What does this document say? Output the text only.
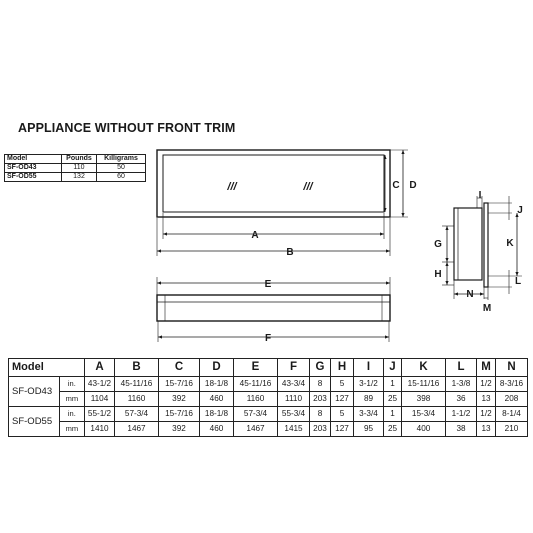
APPLIANCE WITHOUT FRONT TRIM
Model	Pounds	Killigrams
SF-OD43	110	50
SF-OD55	132	60
///	///
A
B
C D
E
F
G
H
I
J
K
L
M
N
Model		A	B	C	D	E	F	G	H	I	J	K	L	M	N
SF-OD43	in.	43-1/2	45-11/16	15-7/16	18-1/8	45-11/16	43-3/4	8	5	3-1/2	1	15-11/16	1-3/8	1/2	8-3/16
	mm	1104	1160	392	460	1160	1110	203	127	89	25	398	36	13	208
SF-OD55	in.	55-1/2	57-3/4	15-7/16	18-1/8	57-3/4	55-3/4	8	5	3-3/4	1	15-3/4	1-1/2	1/2	8-1/4
	mm	1410	1467	392	460	1467	1415	203	127	95	25	400	38	13	210
